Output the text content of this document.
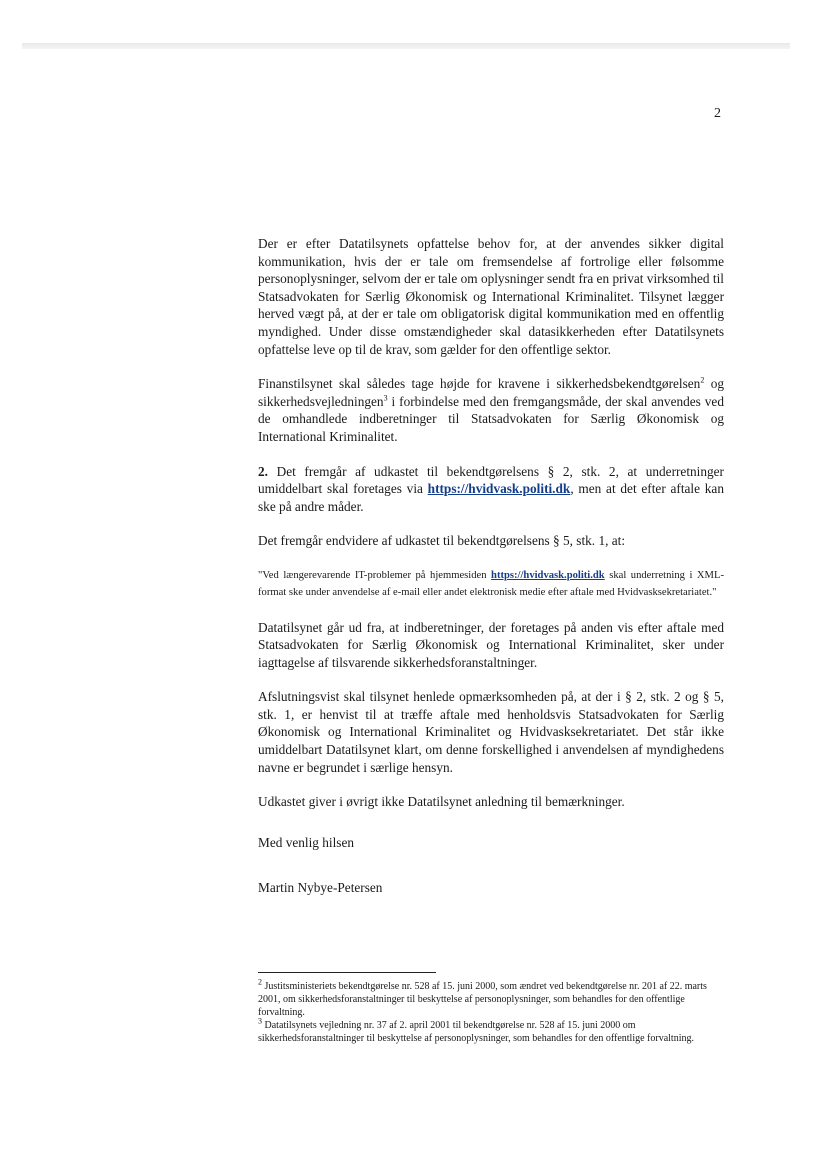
2

Der er efter Datatilsynets opfattelse behov for, at der anvendes sikker digital kommunikation, hvis der er tale om fremsendelse af fortrolige eller følsomme personoplysninger, selvom der er tale om oplysninger sendt fra en privat virksomhed til Statsadvokaten for Særlig Økonomisk og International Kriminalitet. Tilsynet lægger herved vægt på, at der er tale om obligatorisk digital kommunikation med en offentlig myndighed. Under disse omstændigheder skal datasikkerheden efter Datatilsynets opfattelse leve op til de krav, som gælder for den offentlige sektor.

Finanstilsynet skal således tage højde for kravene i sikkerhedsbekendtgørelsen$^2$ og sikkerhedsvejledningen$^3$ i forbindelse med den fremgangsmåde, der skal anvendes ved de omhandlede indberetninger til Statsadvokaten for Særlig Økonomisk og International Kriminalitet.

2. Det fremgår af udkastet til bekendtgørelsens § 2, stk. 2, at underretninger umiddelbart skal foretages via https://hvidvask.politi.dk, men at det efter aftale kan ske på andre måder.

Det fremgår endvidere af udkastet til bekendtgørelsens § 5, stk. 1, at:

"Ved længerevarende IT-problemer på hjemmesiden https://hvidvask.politi.dk skal underretning i XML-format ske under anvendelse af e-mail eller andet elektronisk medie efter aftale med Hvidvasksekretariatet."

Datatilsynet går ud fra, at indberetninger, der foretages på anden vis efter aftale med Statsadvokaten for Særlig Økonomisk og International Kriminalitet, sker under iagttagelse af tilsvarende sikkerhedsforanstaltninger.

Afslutningsvist skal tilsynet henlede opmærksomheden på, at der i § 2, stk. 2 og § 5, stk. 1, er henvist til at træffe aftale med henholdsvis Statsadvokaten for Særlig Økonomisk og International Kriminalitet og Hvidvasksekretariatet. Det står ikke umiddelbart Datatilsynet klart, om denne forskellighed i anvendelsen af myndighedens navne er begrundet i særlige hensyn.

Udkastet giver i øvrigt ikke Datatilsynet anledning til bemærkninger.

Med venlig hilsen

Martin Nybye-Petersen

$^2$ Justitsministeriets bekendtgørelse nr. 528 af 15. juni 2000, som ændret ved bekendtgørelse nr. 201 af 22. marts 2001, om sikkerhedsforanstaltninger til beskyttelse af personoplysninger, som behandles for den offentlige forvaltning.

$^3$ Datatilsynets vejledning nr. 37 af 2. april 2001 til bekendtgørelse nr. 528 af 15. juni 2000 om sikkerhedsforanstaltninger til beskyttelse af personoplysninger, som behandles for den offentlige forvaltning.
